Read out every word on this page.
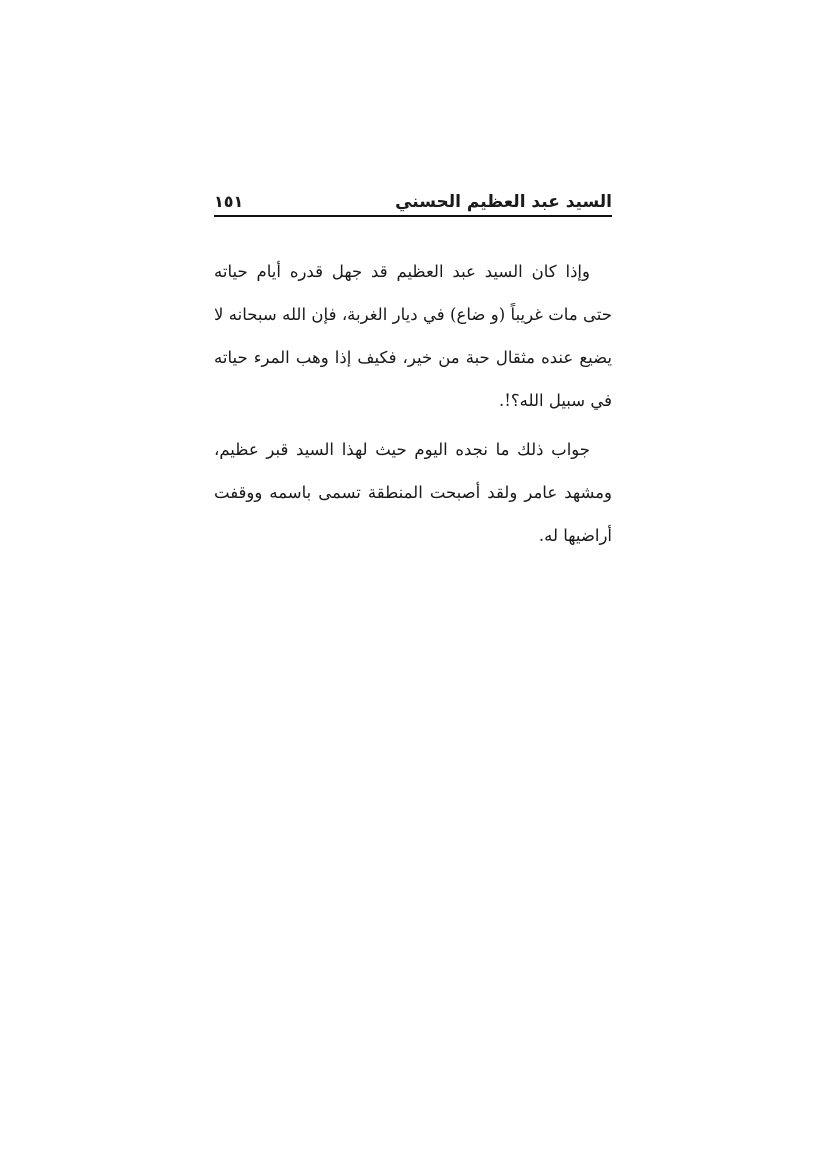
السيد عبد العظيم الحسني
١٥١

وإذا كان السيد عبد العظيم قد جهل قدره أيام حياته
حتى مات غريباً (و ضاع) في ديار الغربة، فإن الله سبحانه لا
يضيع عنده مثقال حبة من خير، فكيف إذا وهب المرء حياته
في سبيل الله؟!.

جواب ذلك ما نجده اليوم حيث لهذا السيد قبر عظيم،
ومشهد عامر ولقد أصبحت المنطقة تسمى باسمه ووقفت
أراضيها له.
